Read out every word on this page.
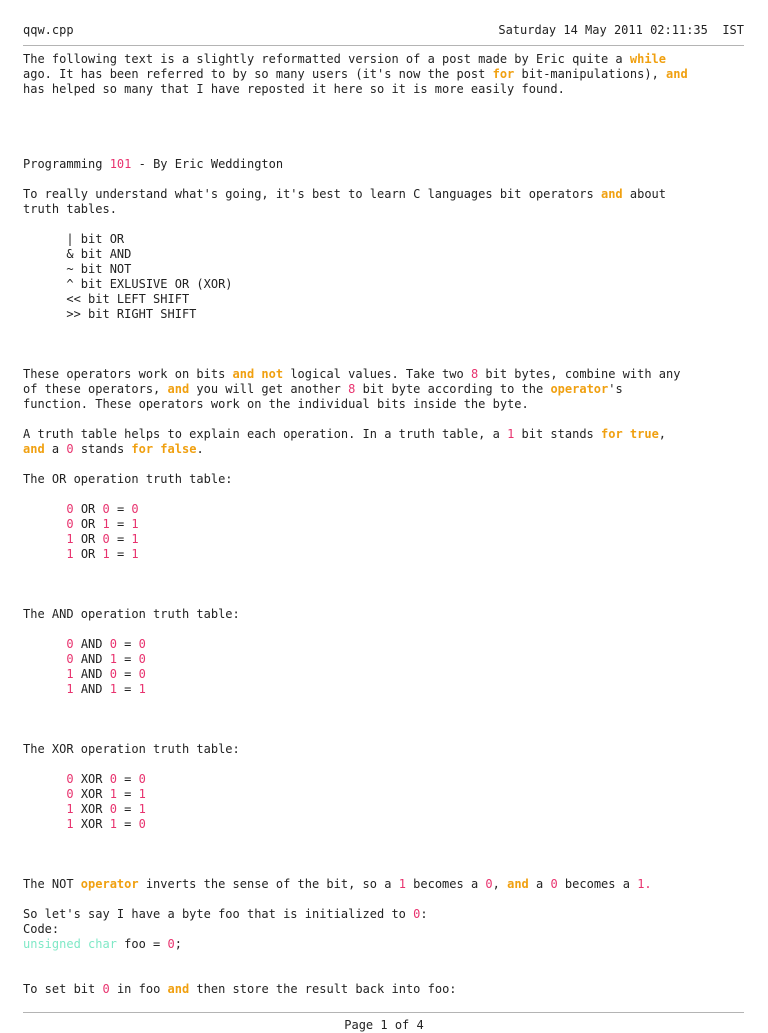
qqw.cpp

	Saturday 14 May 2011 02:11:35  IST

The following text is a slightly reformatted version of a post made by Eric quite a while
ago. It has been referred to by so many users (it's now the post for bit-manipulations), and
has helped so many that I have reposted it here so it is more easily found.
Programming 101 - By Eric Weddington
To really understand what's going, it's best to learn C languages bit operators and about
truth tables.
| bit OR
& bit AND
~ bit NOT
^ bit EXLUSIVE OR (XOR)
<< bit LEFT SHIFT
>> bit RIGHT SHIFT
These operators work on bits and not logical values. Take two 8 bit bytes, combine with any
of these operators, and you will get another 8 bit byte according to the operator's
function. These operators work on the individual bits inside the byte.
A truth table helps to explain each operation. In a truth table, a 1 bit stands for true,
and a 0 stands for false.
The OR operation truth table:
0 OR 0 = 0
0 OR 1 = 1
1 OR 0 = 1
1 OR 1 = 1
The AND operation truth table:
0 AND 0 = 0
0 AND 1 = 0
1 AND 0 = 0
1 AND 1 = 1
The XOR operation truth table:
0 XOR 0 = 0
0 XOR 1 = 1
1 XOR 0 = 1
1 XOR 1 = 0
The NOT operator inverts the sense of the bit, so a 1 becomes a 0, and a 0 becomes a 1.
So let's say I have a byte foo that is initialized to 0:
Code:
unsigned char foo = 0;
To set bit 0 in foo and then store the result back into foo:
Page 1 of 4
